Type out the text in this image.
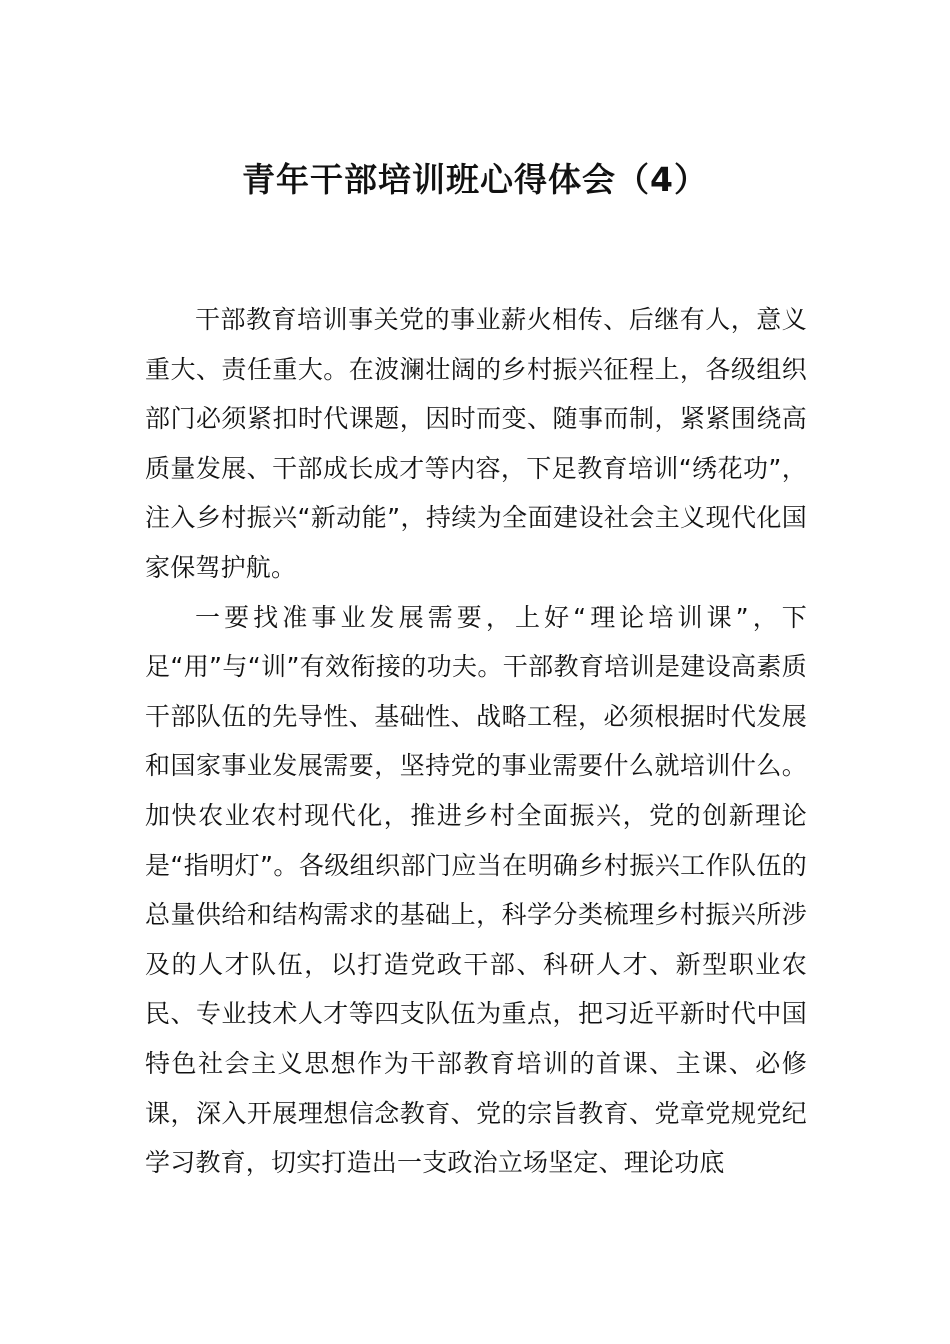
青年干部培训班心得体会（4）

干部教育培训事关党的事业薪火相传、后继有人，意义重大、责任重大。在波澜壮阔的乡村振兴征程上，各级组织部门必须紧扣时代课题，因时而变、随事而制，紧紧围绕高质量发展、干部成长成才等内容，下足教育培训“绣花功”，注入乡村振兴“新动能”，持续为全面建设社会主义现代化国家保驾护航。

一要找准事业发展需要，上好“理论培训课”，下足“用”与“训”有效衔接的功夫。干部教育培训是建设高素质干部队伍的先导性、基础性、战略工程，必须根据时代发展和国家事业发展需要，坚持党的事业需要什么就培训什么。加快农业农村现代化，推进乡村全面振兴，党的创新理论是“指明灯”。各级组织部门应当在明确乡村振兴工作队伍的总量供给和结构需求的基础上，科学分类梳理乡村振兴所涉及的人才队伍，以打造党政干部、科研人才、新型职业农民、专业技术人才等四支队伍为重点，把习近平新时代中国特色社会主义思想作为干部教育培训的首课、主课、必修课，深入开展理想信念教育、党的宗旨教育、党章党规党纪学习教育，切实打造出一支政治立场坚定、理论功底
